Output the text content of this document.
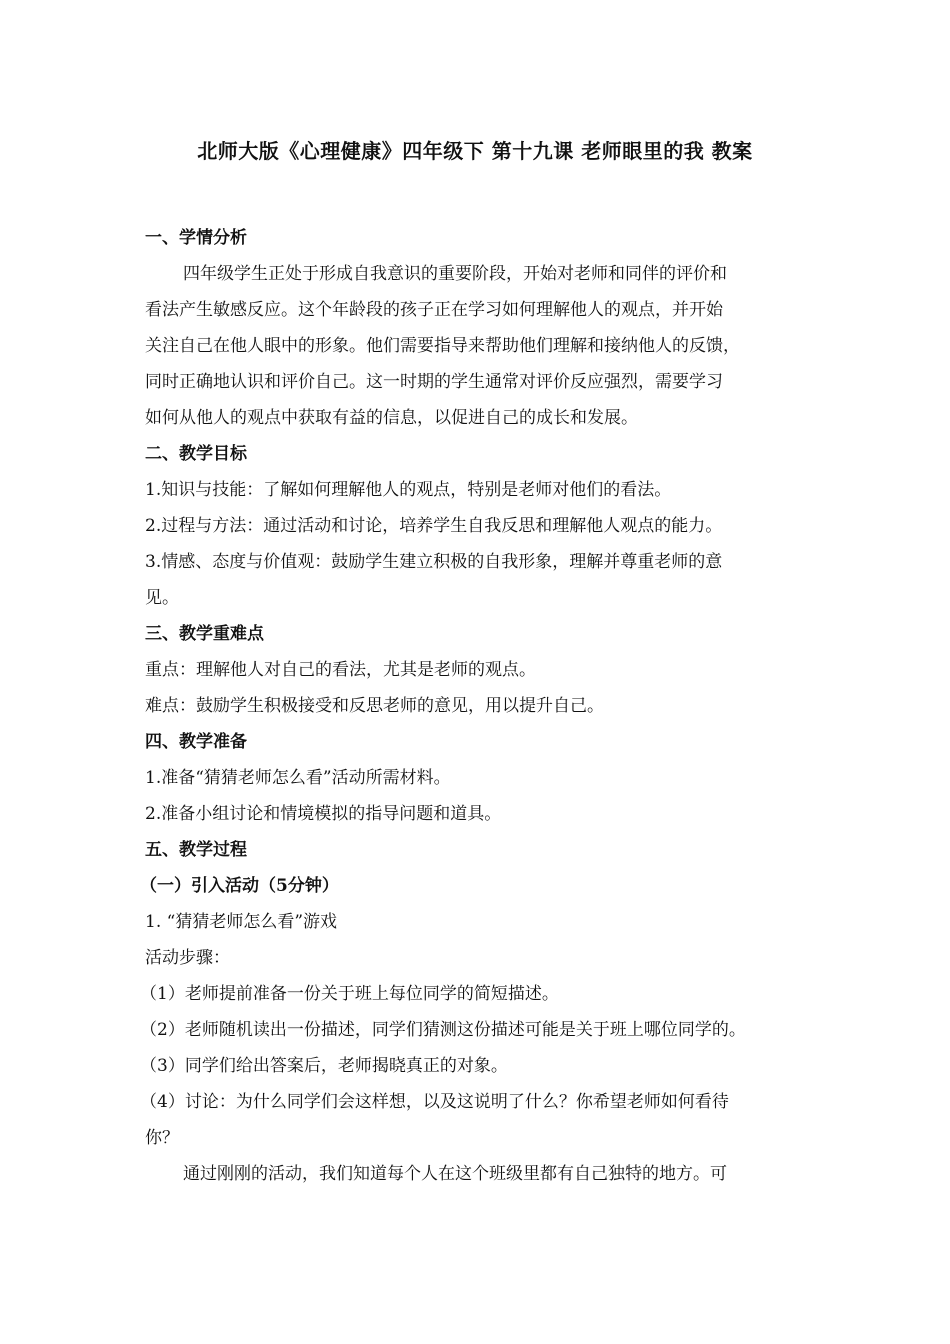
北师大版《心理健康》四年级下 第十九课 老师眼里的我 教案
一、学情分析
四年级学生正处于形成自我意识的重要阶段，开始对老师和同伴的评价和
看法产生敏感反应。这个年龄段的孩子正在学习如何理解他人的观点，并开始
关注自己在他人眼中的形象。他们需要指导来帮助他们理解和接纳他人的反馈，
同时正确地认识和评价自己。这一时期的学生通常对评价反应强烈，需要学习
如何从他人的观点中获取有益的信息，以促进自己的成长和发展。
二、教学目标
1.知识与技能：了解如何理解他人的观点，特别是老师对他们的看法。
2.过程与方法：通过活动和讨论，培养学生自我反思和理解他人观点的能力。
3.情感、态度与价值观：鼓励学生建立积极的自我形象，理解并尊重老师的意
见。
三、教学重难点
重点：理解他人对自己的看法，尤其是老师的观点。
难点：鼓励学生积极接受和反思老师的意见，用以提升自己。
四、教学准备
1.准备“猜猜老师怎么看”活动所需材料。
2.准备小组讨论和情境模拟的指导问题和道具。
五、教学过程
（一）引入活动（5分钟）
1. “猜猜老师怎么看”游戏
活动步骤：
（1）老师提前准备一份关于班上每位同学的简短描述。
（2）老师随机读出一份描述，同学们猜测这份描述可能是关于班上哪位同学的。
（3）同学们给出答案后，老师揭晓真正的对象。
（4）讨论：为什么同学们会这样想，以及这说明了什么？你希望老师如何看待
你？
通过刚刚的活动，我们知道每个人在这个班级里都有自己独特的地方。可
